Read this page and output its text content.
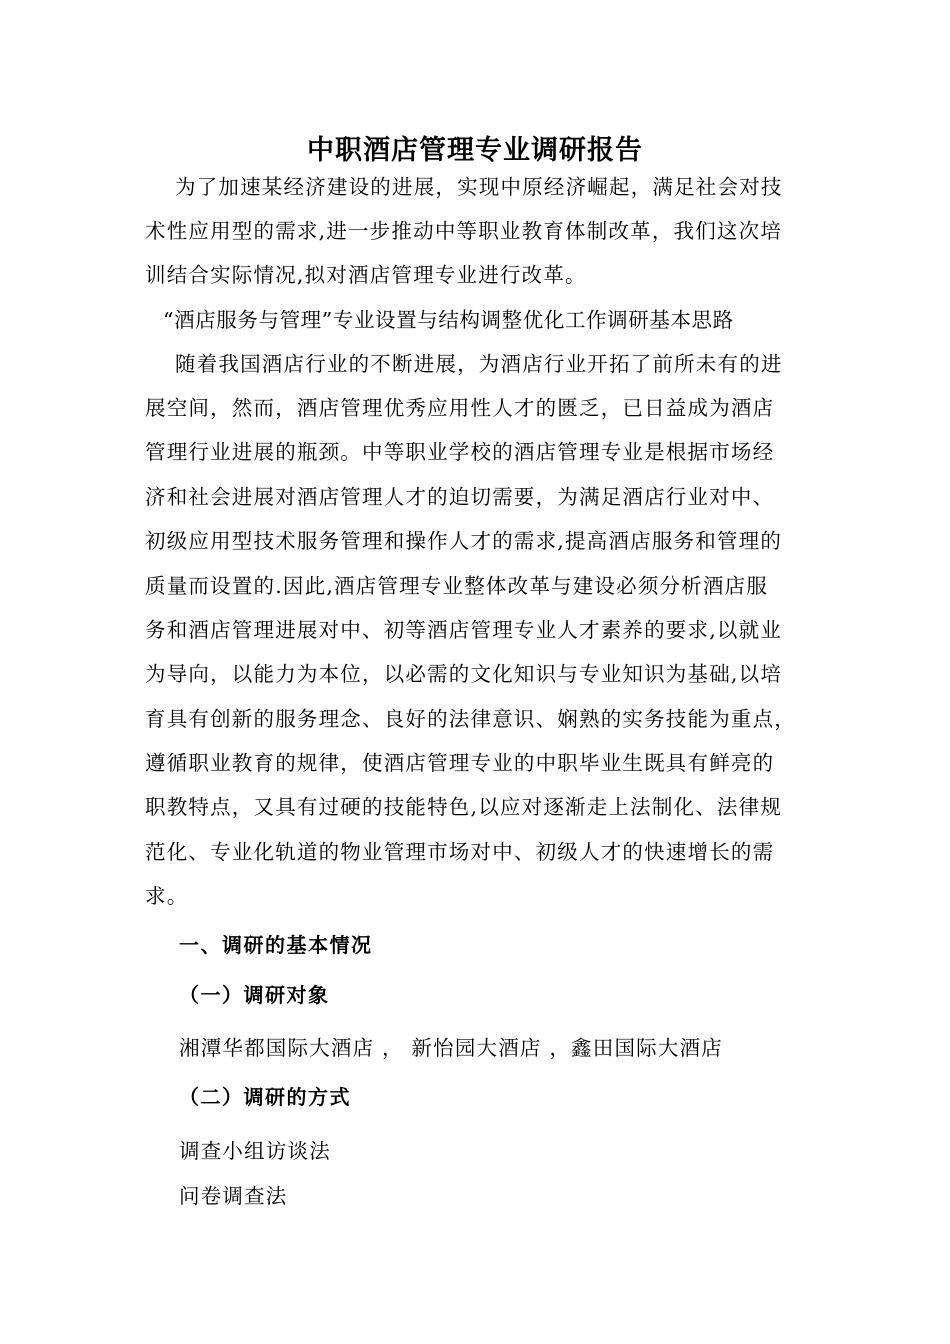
中职酒店管理专业调研报告
为了加速某经济建设的进展，实现中原经济崛起，满足社会对技
术性应用型的需求,进一步推动中等职业教育体制改革，我们这次培
训结合实际情况,拟对酒店管理专业进行改革。
“酒店服务与管理”专业设置与结构调整优化工作调研基本思路
随着我国酒店行业的不断进展，为酒店行业开拓了前所未有的进
展空间，然而，酒店管理优秀应用性人才的匮乏，已日益成为酒店
管理行业进展的瓶颈。中等职业学校的酒店管理专业是根据市场经
济和社会进展对酒店管理人才的迫切需要，为满足酒店行业对中、
初级应用型技术服务管理和操作人才的需求,提高酒店服务和管理的
质量而设置的.因此,酒店管理专业整体改革与建设必须分析酒店服
务和酒店管理进展对中、初等酒店管理专业人才素养的要求,以就业
为导向，以能力为本位，以必需的文化知识与专业知识为基础,以培
育具有创新的服务理念、良好的法律意识、娴熟的实务技能为重点，
遵循职业教育的规律，使酒店管理专业的中职毕业生既具有鲜亮的
职教特点，又具有过硬的技能特色,以应对逐渐走上法制化、法律规
范化、专业化轨道的物业管理市场对中、初级人才的快速增长的需
求。
一、调研的基本情况
（一）调研对象
湘潭华都国际大酒店 ， 新怡园大酒店 ，鑫田国际大酒店
（二）调研的方式
调查小组访谈法
问卷调查法
